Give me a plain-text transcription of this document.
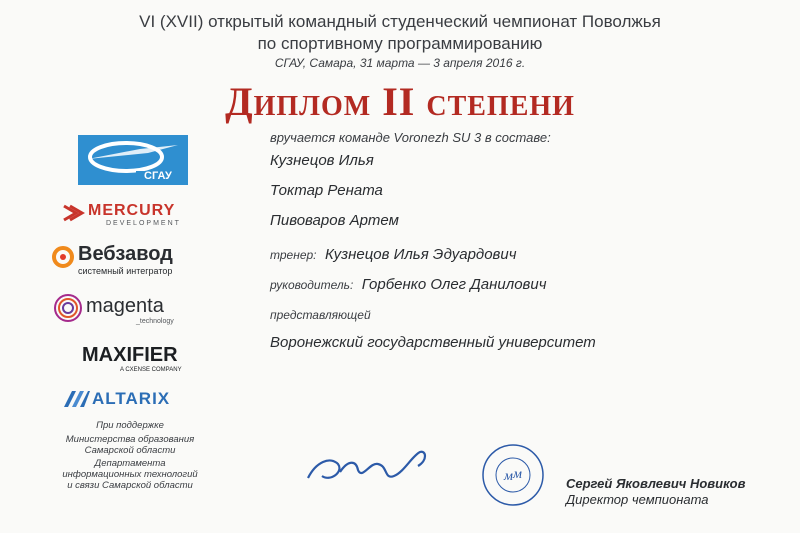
VI (XVII) открытый командный студенческий чемпионат Поволжья
по спортивному программированию
СГАУ, Самара, 31 марта — 3 апреля 2016 г.
Диплом II степени
вручается команде Voronezh SU 3 в составе:
Кузнецов Илья
Токтар Рената
Пивоваров Артем
тренер: Кузнецов Илья Эдуардович
руководитель: Горбенко Олег Данилович
представляющей
Воронежский государственный университет
СГАУ
MERCURY
DEVELOPMENT
Вебзавод
системный интегратор
magenta
_technology
MAXIFIER
A CXENSE COMPANY
ALTARIX
При поддержке
Министерства образования Самарской области
Департамента информационных технологий и связи Самарской области
м м
Сергей Яковлевич Новиков
Директор чемпионата
